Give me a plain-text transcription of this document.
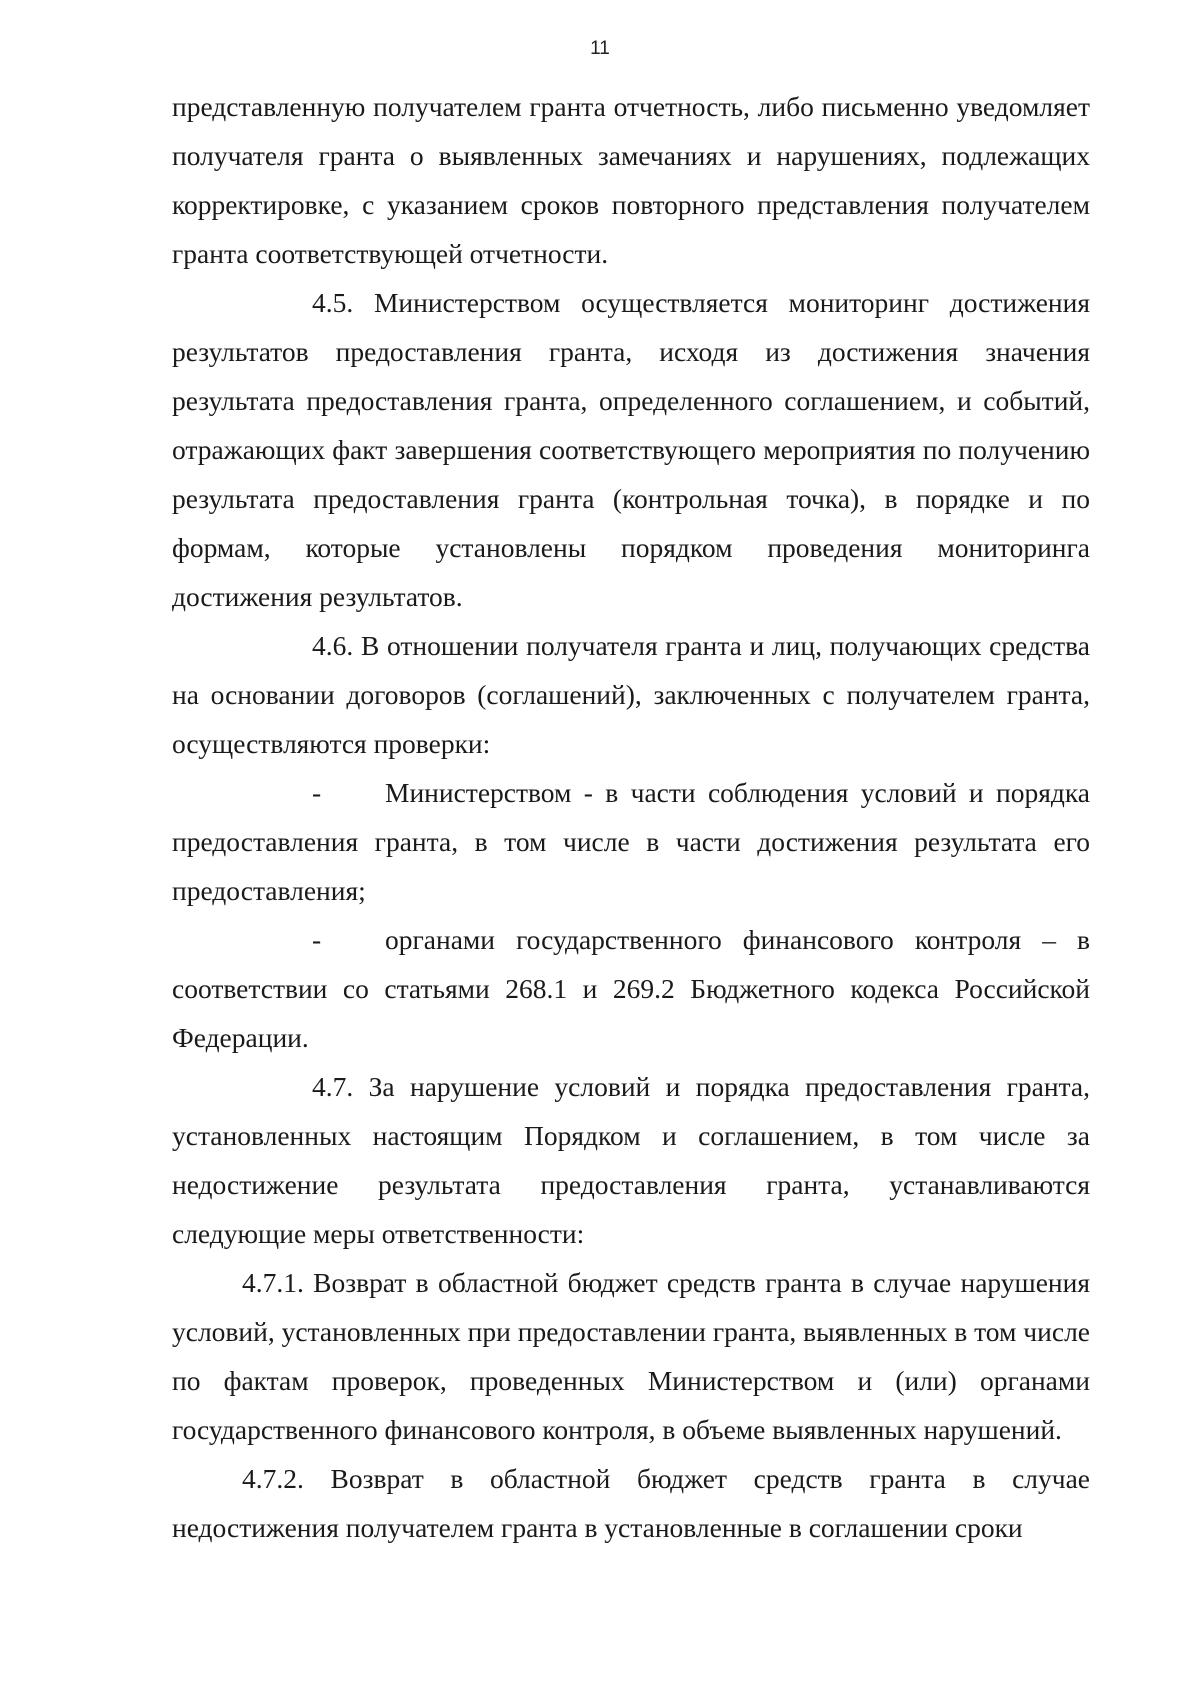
11

представленную получателем гранта отчетность, либо письменно уведомляет получателя гранта о выявленных замечаниях и нарушениях, подлежащих корректировке, с указанием сроков повторного представления получателем гранта соответствующей отчетности.

4.5. Министерством осуществляется мониторинг достижения результатов предоставления гранта, исходя из достижения значения результата предоставления гранта, определенного соглашением, и событий, отражающих факт завершения соответствующего мероприятия по получению результата предоставления гранта (контрольная точка), в порядке и по формам, которые установлены порядком проведения мониторинга достижения результатов.

4.6. В отношении получателя гранта и лиц, получающих средства на основании договоров (соглашений), заключенных с получателем гранта, осуществляются проверки:

- Министерством - в части соблюдения условий и порядка предоставления гранта, в том числе в части достижения результата его предоставления;

- органами государственного финансового контроля – в соответствии со статьями 268.1 и 269.2 Бюджетного кодекса Российской Федерации.

4.7. За нарушение условий и порядка предоставления гранта, установленных настоящим Порядком и соглашением, в том числе за недостижение результата предоставления гранта, устанавливаются следующие меры ответственности:

4.7.1. Возврат в областной бюджет средств гранта в случае нарушения условий, установленных при предоставлении гранта, выявленных в том числе по фактам проверок, проведенных Министерством и (или) органами государственного финансового контроля, в объеме выявленных нарушений.

4.7.2. Возврат в областной бюджет средств гранта в случае недостижения получателем гранта в установленные в соглашении сроки
